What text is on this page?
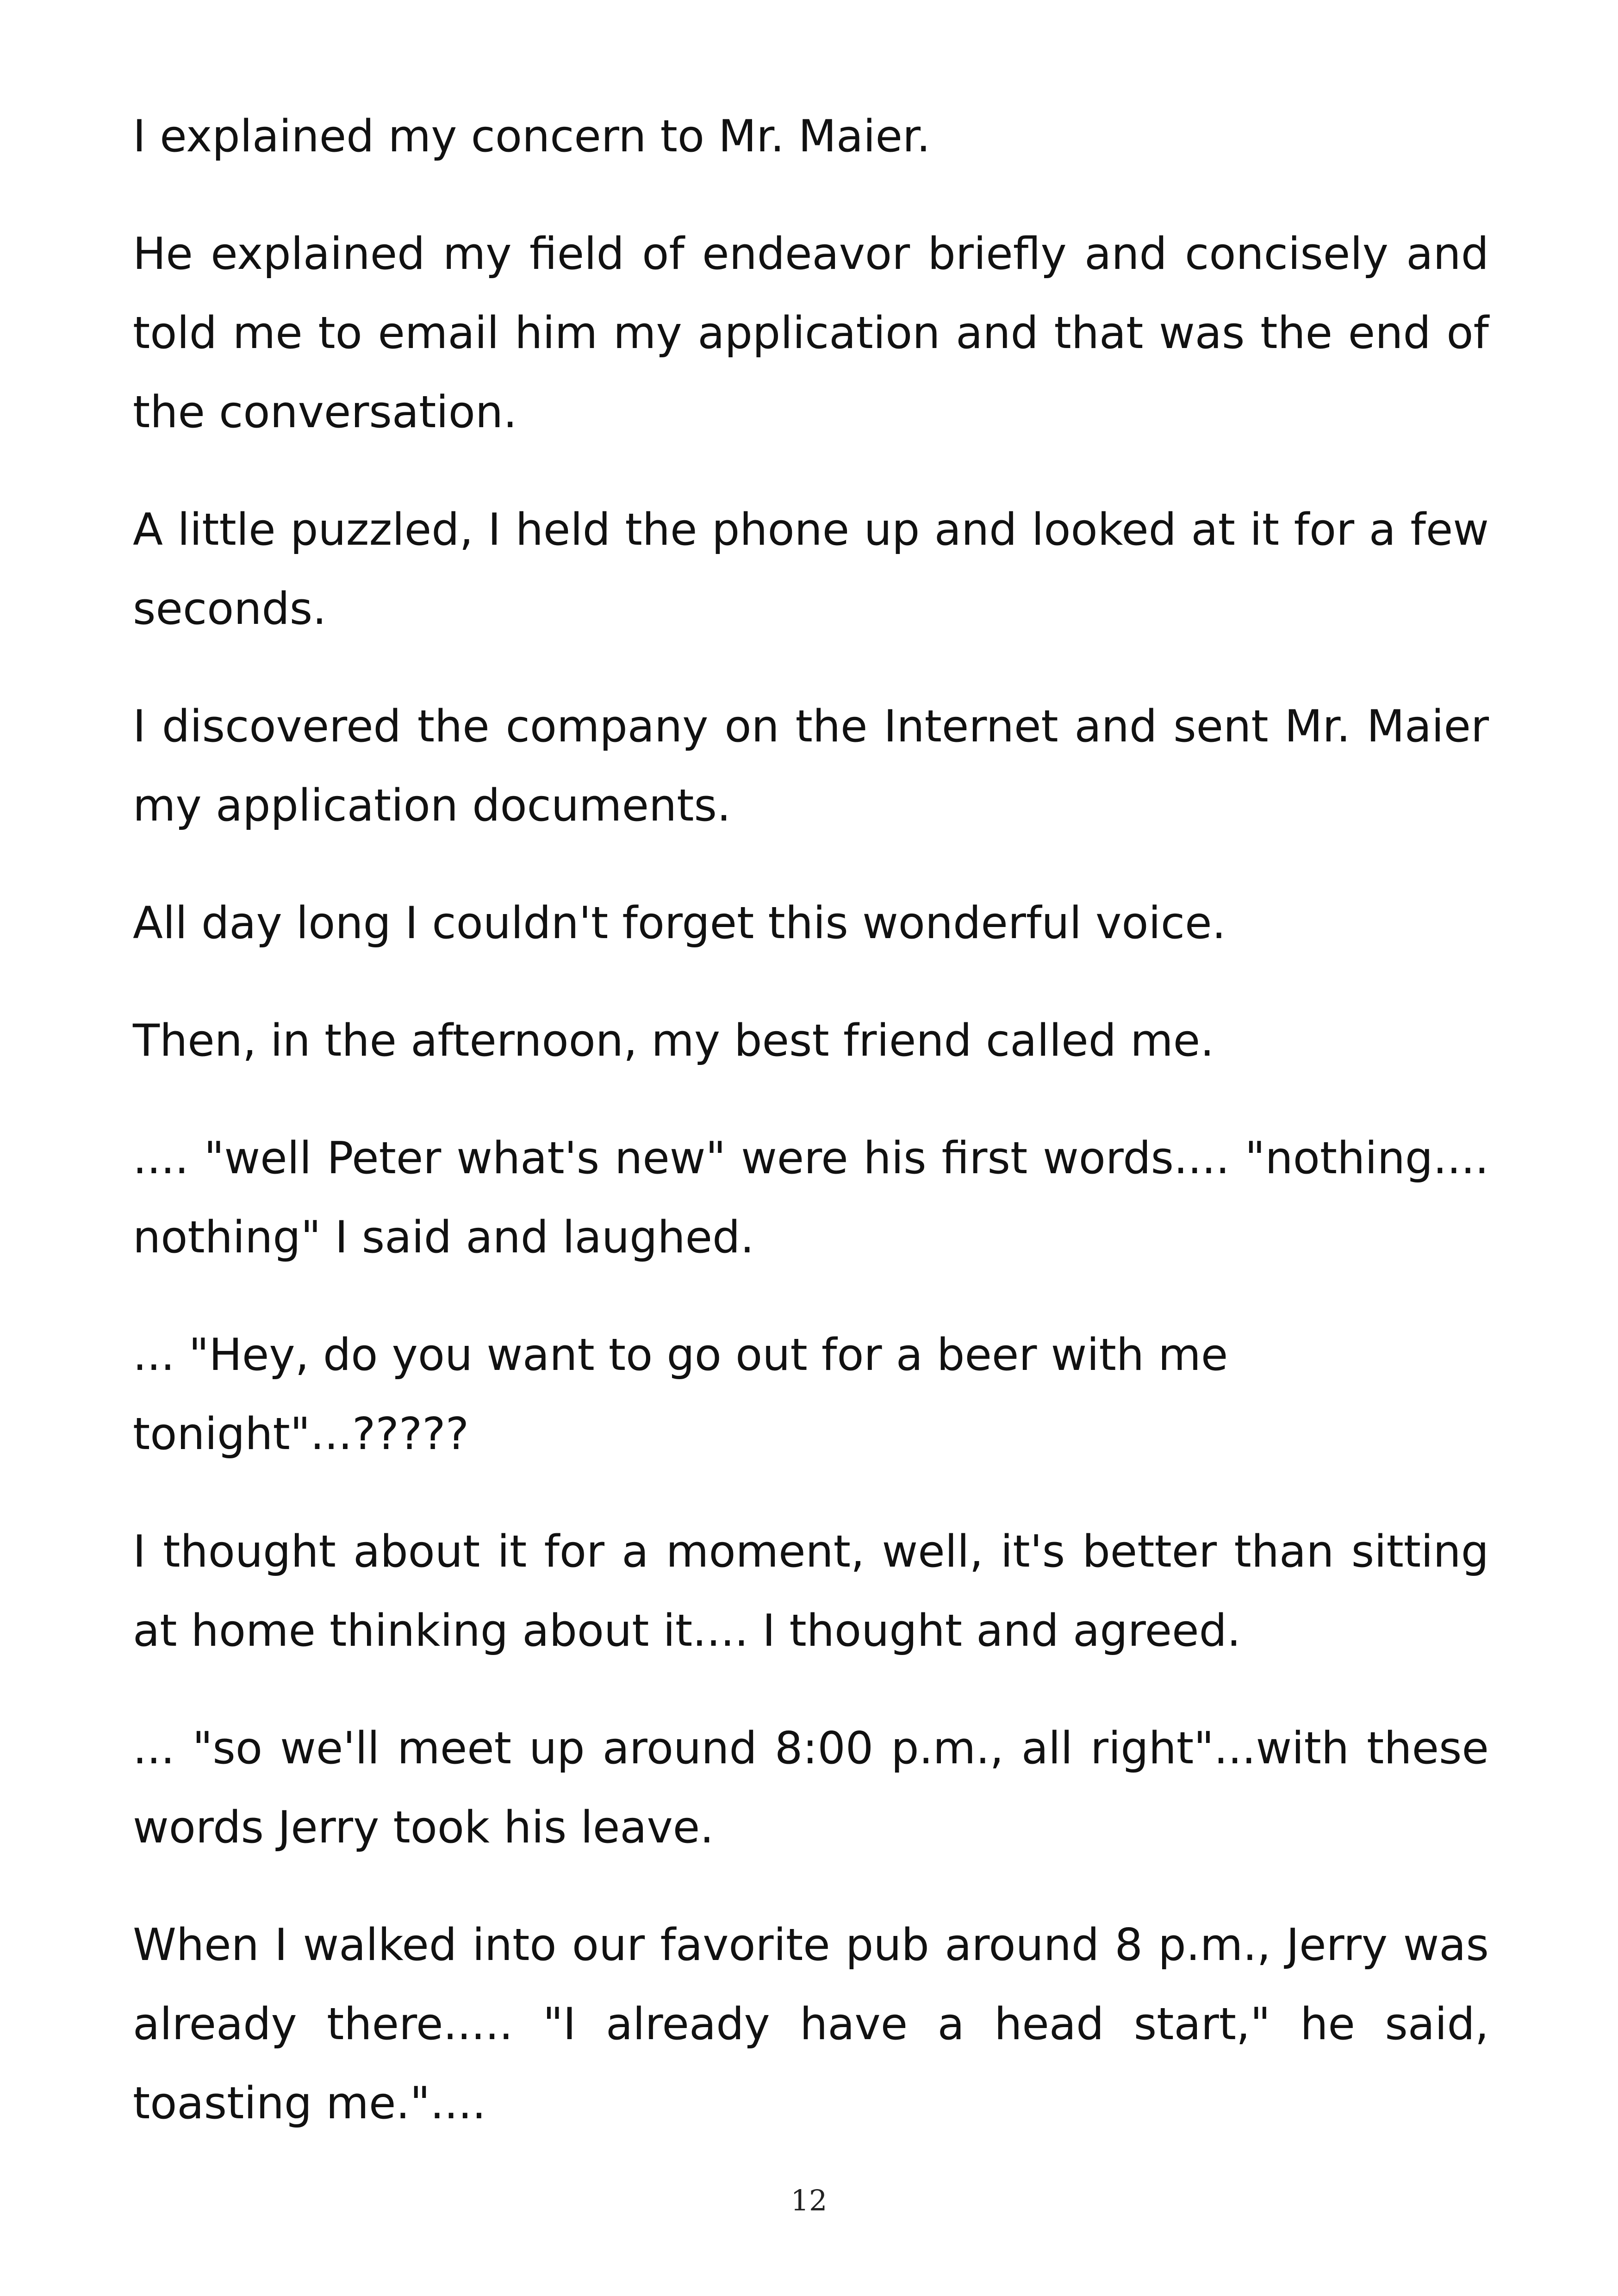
I explained my concern to Mr. Maier.

He explained my field of endeavor briefly and concisely and told me to email him my application and that was the end of the conversation.

A little puzzled, I held the phone up and looked at it for a few seconds.

I discovered the company on the Internet and sent Mr. Maier my application documents.

All day long I couldn't forget this wonderful voice.

Then, in the afternoon, my best friend called me.

.... "well Peter what's new" were his first words.... "nothing.... nothing" I said and laughed.

... "Hey, do you want to go out for a beer with me tonight"...?????

I thought about it for a moment, well, it's better than sitting at home thinking about it.... I thought and agreed.

... "so we'll meet up around 8:00 p.m., all right"...with these words Jerry took his leave.

When I walked into our favorite pub around 8 p.m., Jerry was already there..... "I already have a head start," he said, toasting me."....

12
